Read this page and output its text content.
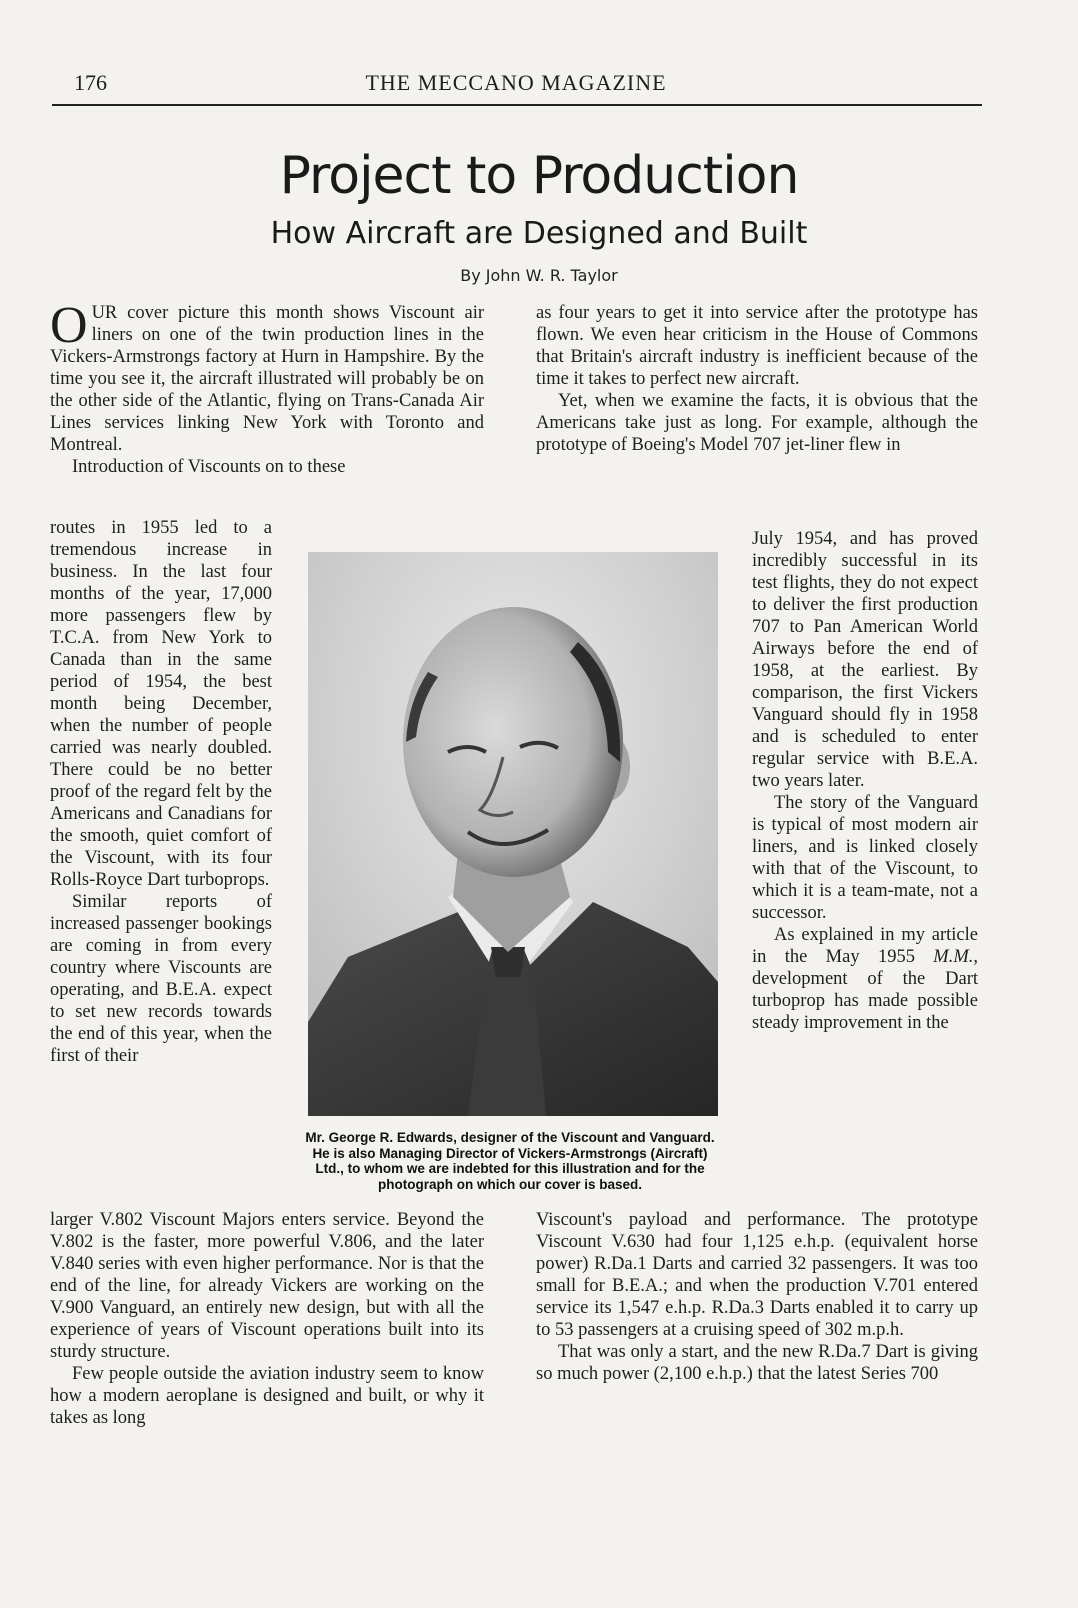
176	THE MECCANO MAGAZINE
Project to Production
How Aircraft are Designed and Built
By John W. R. Taylor

OUR cover picture this month shows Viscount air liners on one of the twin production lines in the Vickers-Armstrongs factory at Hurn in Hampshire. By the time you see it, the aircraft illustrated will probably be on the other side of the Atlantic, flying on Trans-Canada Air Lines services linking New York with Toronto and Montreal.

Introduction of Viscounts on to these

routes in 1955 led to a tremendous increase in business. In the last four months of the year, 17,000 more passengers flew by T.C.A. from New York to Canada than in the same period of 1954, the best month being December, when the number of people carried was nearly doubled. There could be no better proof of the regard felt by the Americans and Canadians for the smooth, quiet comfort of the Viscount, with its four Rolls-Royce Dart turboprops.

Similar reports of increased passenger bookings are coming in from every country where Viscounts are operating, and B.E.A. expect to set new records towards the end of this year, when the first of their

larger V.802 Viscount Majors enters service. Beyond the V.802 is the faster, more powerful V.806, and the later V.840 series with even higher performance. Nor is that the end of the line, for already Vickers are working on the V.900 Vanguard, an entirely new design, but with all the experience of years of Viscount operations built into its sturdy structure.

Few people outside the aviation industry seem to know how a modern aeroplane is designed and built, or why it takes as long

as four years to get it into service after the prototype has flown. We even hear criticism in the House of Commons that Britain's aircraft industry is inefficient because of the time it takes to perfect new aircraft.

Yet, when we examine the facts, it is obvious that the Americans take just as long. For example, although the prototype of Boeing's Model 707 jet-liner flew in

July 1954, and has proved incredibly successful in its test flights, they do not expect to deliver the first production 707 to Pan American World Airways before the end of 1958, at the earliest. By comparison, the first Vickers Vanguard should fly in 1958 and is scheduled to enter regular service with B.E.A. two years later.

The story of the Vanguard is typical of most modern air liners, and is linked closely with that of the Viscount, to which it is a team-mate, not a successor.

As explained in my article in the May 1955 M.M., development of the Dart turboprop has made possible steady improvement in the

Viscount's payload and performance. The prototype Viscount V.630 had four 1,125 e.h.p. (equivalent horse power) R.Da.1 Darts and carried 32 passengers. It was too small for B.E.A.; and when the production V.701 entered service its 1,547 e.h.p. R.Da.3 Darts enabled it to carry up to 53 passengers at a cruising speed of 302 m.p.h.

That was only a start, and the new R.Da.7 Dart is giving so much power (2,100 e.h.p.) that the latest Series 700

Mr. George R. Edwards, designer of the Viscount and Vanguard. He is also Managing Director of Vickers-Armstrongs (Aircraft) Ltd., to whom we are indebted for this illustration and for the photograph on which our cover is based.
